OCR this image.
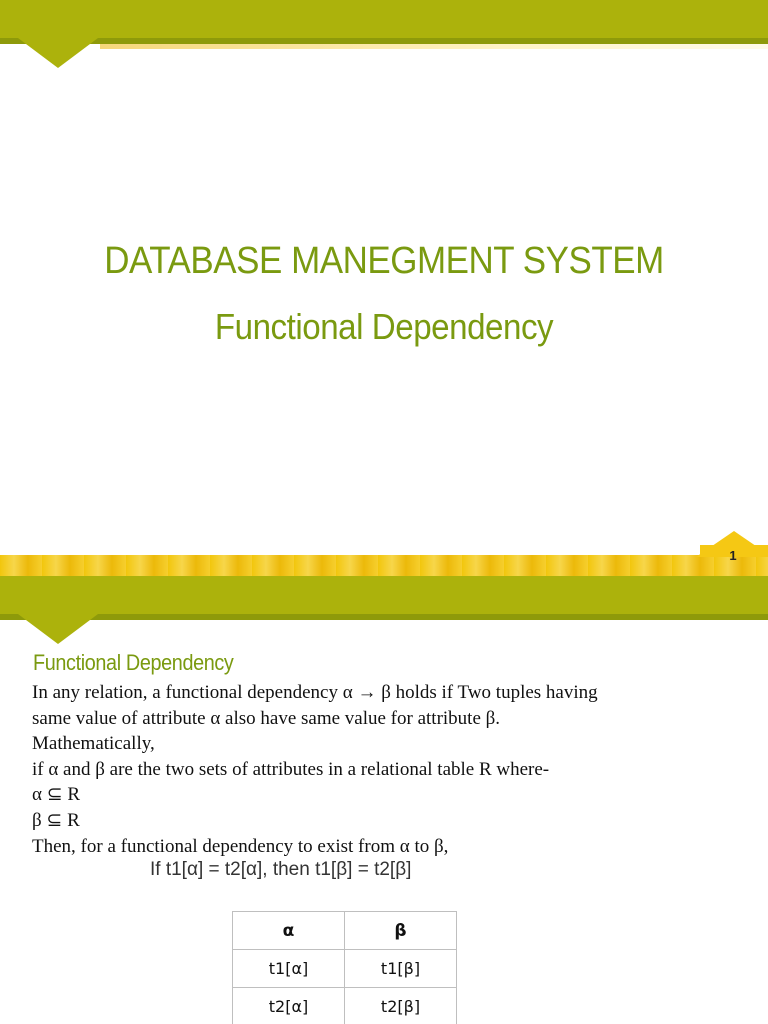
DATABASE MANEGMENT SYSTEM
Functional Dependency
1
Functional Dependency
In any relation, a functional dependency α → β holds if Two tuples having
same value of attribute α also have same value for attribute β.
Mathematically,
if α and β are the two sets of attributes in a relational table R where-
α ⊆ R
β ⊆ R
Then, for a functional dependency to exist from α to β,
If t1[α] = t2[α], then t1[β] = t2[β]
α	β
t1[α]	t1[β]
t2[α]	t2[β]
